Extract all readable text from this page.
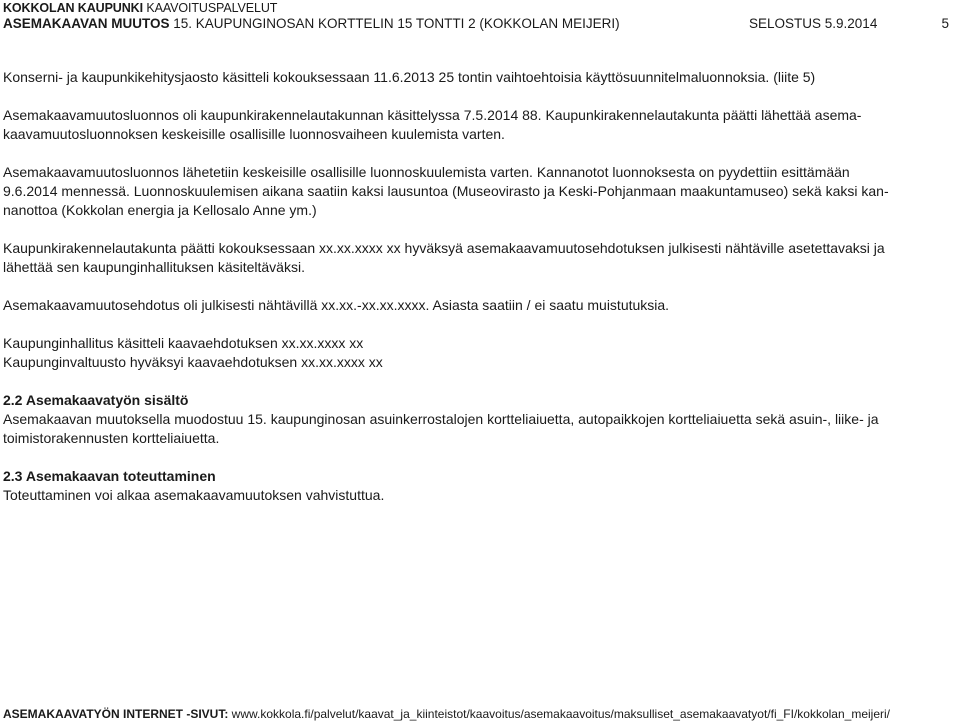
KOKKOLAN KAUPUNKI KAAVOITUSPALVELUT
ASEMAKAAVAN MUUTOS 15. KAUPUNGINOSAN KORTTELIN 15 TONTTI 2 (KOKKOLAN MEIJERI)	SELOSTUS 5.9.2014	5

Konserni- ja kaupunkikehitysjaosto käsitteli kokouksessaan 11.6.2013 25 tontin vaihtoehtoisia käyttösuunnitelmaluonnoksia. (liite 5)

Asemakaavamuutosluonnos oli kaupunkirakennelautakunnan käsittelyssa 7.5.2014 88. Kaupunkirakennelautakunta päätti lähettää asema-

kaavamuutosluonnoksen keskeisille osallisille luonnosvaiheen kuulemista varten.

Asemakaavamuutosluonnos lähetetiin keskeisille osallisille luonnoskuulemista varten. Kannanotot luonnoksesta on pyydettiin esittämään

9.6.2014 mennessä. Luonnoskuulemisen aikana saatiin kaksi lausuntoa (Museovirasto ja Keski-Pohjanmaan maakuntamuseo) sekä kaksi kan-

nanottoa (Kokkolan energia ja Kellosalo Anne ym.)

Kaupunkirakennelautakunta päätti kokouksessaan xx.xx.xxxx xx hyväksyä asemakaavamuutosehdotuksen julkisesti nähtäville asetettavaksi ja

lähettää sen kaupunginhallituksen käsiteltäväksi.

Asemakaavamuutosehdotus oli julkisesti nähtävillä xx.xx.-xx.xx.xxxx. Asiasta saatiin / ei saatu muistutuksia.

Kaupunginhallitus käsitteli kaavaehdotuksen xx.xx.xxxx xx

Kaupunginvaltuusto hyväksyi kaavaehdotuksen xx.xx.xxxx xx

2.2 Asemakaavatyön sisältö

Asemakaavan muutoksella muodostuu 15. kaupunginosan asuinkerrostalojen kortteliaiuetta, autopaikkojen kortteliaiuetta sekä asuin-, liike- ja

toimistorakennusten kortteliaiuetta.

2.3 Asemakaavan toteuttaminen

Toteuttaminen voi alkaa asemakaavamuutoksen vahvistuttua.

ASEMAKAAVATYÖN INTERNET -SIVUT: www.kokkola.fi/palvelut/kaavat_ja_kiinteistot/kaavoitus/asemakaavoitus/maksulliset_asemakaavatyot/fi_FI/kokkolan_meijeri/
